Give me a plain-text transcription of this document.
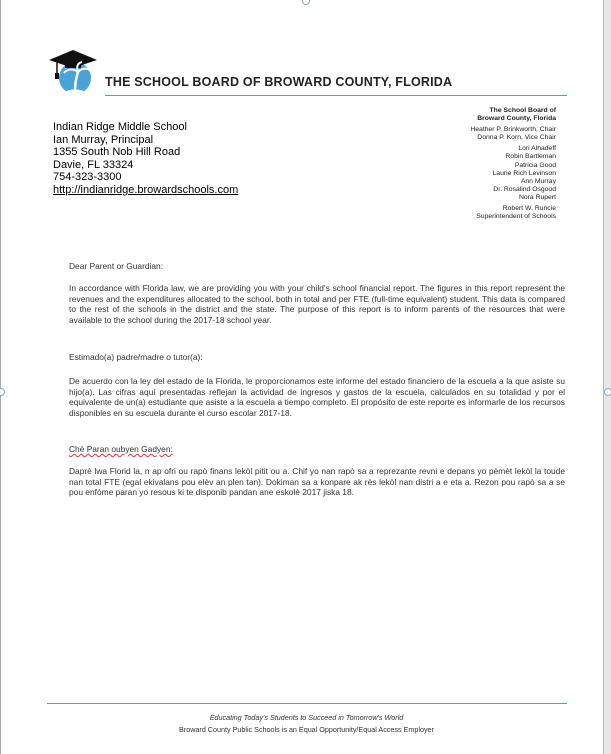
THE SCHOOL BOARD OF BROWARD COUNTY, FLORIDA
Indian Ridge Middle School
Ian Murray, Principal
1355 South Nob Hill Road
Davie, FL 33324
754-323-3300
http://indianridge.browardschools.com
The School Board of
Broward County, Florida
Heather P. Brinkworth, Chair
Donna P. Korn, Vice Chair
Lori Alhadeff
Robin Bartleman
Patricia Good
Laurie Rich Levinson
Ann Murray
Dr. Rosalind Osgood
Nora Rupert
Robert W. Runcie
Superintendent of Schools
Dear Parent or Guardian:
In accordance with Florida law, we are providing you with your child's school financial report. The figures in this report represent the revenues and the expenditures allocated to the school, both in total and per FTE (full-time equivalent) student. This data is compared to the rest of the schools in the district and the state. The purpose of this report is to inform parents of the resources that were available to the school during the 2017-18 school year.
Estimado(a) padre/madre o tutor(a):
De acuerdo con la ley del estado de la Florida, le proporcionamos este informe del estado financiero de la escuela a la que asiste su hijo(a). Las cifras aquí presentadas reflejan la actividad de ingresos y gastos de la escuela, calculados en su totalidad y por el equivalente de un(a) estudiante que asiste a la escuela a tiempo completo. El propósito de este reporte es informarle de los recursos disponibles en su escuela durante el curso escolar 2017-18.
Chè Paran oubyen Gadyen:
Daprè lwa Florid la, n ap ofri ou rapò finans lekòl pitit ou a. Chif yo nan rapò sa a reprezante revni e depans yo pèmèt lekòl la toude nan total FTE (egal ekivalans pou elèv an plen tan). Dokiman sa a konpare ak rès lekòl nan distri a e eta a. Rezon pou rapò sa a se pou enfòme paran yo resous ki te disponib pandan ane eskolè 2017 jiska 18.
Educating Today's Students to Succeed in Tomorrow's World
Broward County Public Schools is an Equal Opportunity/Equal Access Employer
